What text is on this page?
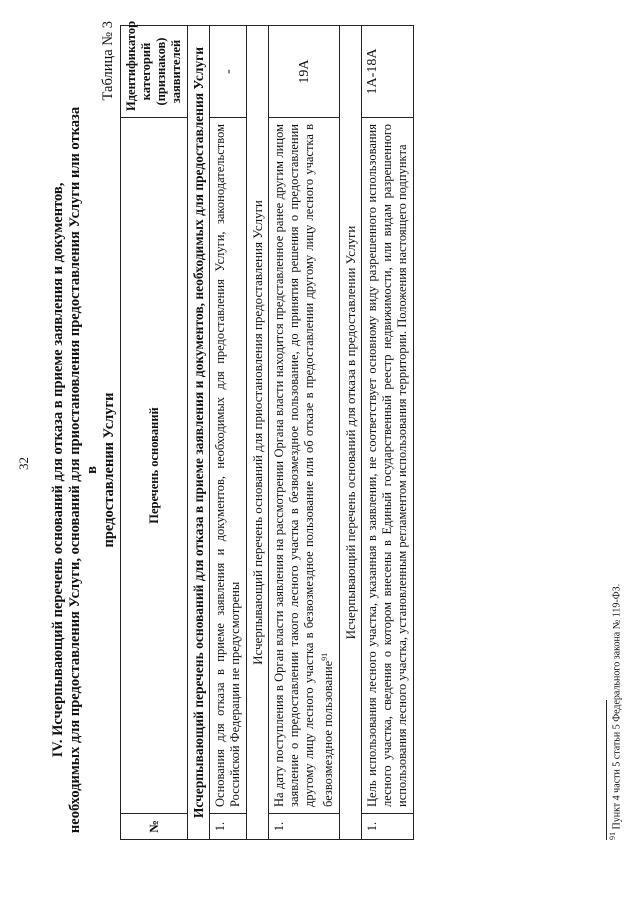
32 IV. Исчерпывающий перечень оснований для отказа в приеме заявления и документов, необходимых для предоставления Услуги, оснований для приостановления предоставления Услуги или отказа в предоставлении Услуги
Таблица № 3
№	Перечень оснований	Идентификатор категорий (признаков) заявителей
Исчерпывающий перечень оснований для отказа в приеме заявления и документов, необходимых для предоставления Услуги		
1.	Основания для отказа в приеме заявления и документов, необходимых для предоставления Услуги, законодательством Российской Федерации не предусмотрены	-
Исчерпывающий перечень оснований для приостановления предоставления Услуги		
1.	На дату поступления в Орган власти заявления на рассмотрении Органа власти находится представленное ранее другим лицом заявление о предоставлении такого лесного участка в безвозмездное пользование, до принятия решения о предоставлении другому лицу лесного участка в безвозмездное пользование или об отказе в предоставлении другому лицу лесного участка в безвозмездное пользование$^{91}$	19А
Исчерпывающий перечень оснований для отказа в предоставлении Услуги		
1.	Цель использования лесного участка, указанная в заявлении, не соответствует основному виду разрешенного использования лесного участка, сведения о котором внесены в Единый государственный реестр недвижимости, или видам разрешенного использования лесного участка, установленным регламентом использования территории. Положения настоящего подпункта	1А-18А
$^{91}$ Пункт 4 части 5 статьи 5 Федерального закона № 119-ФЗ.
